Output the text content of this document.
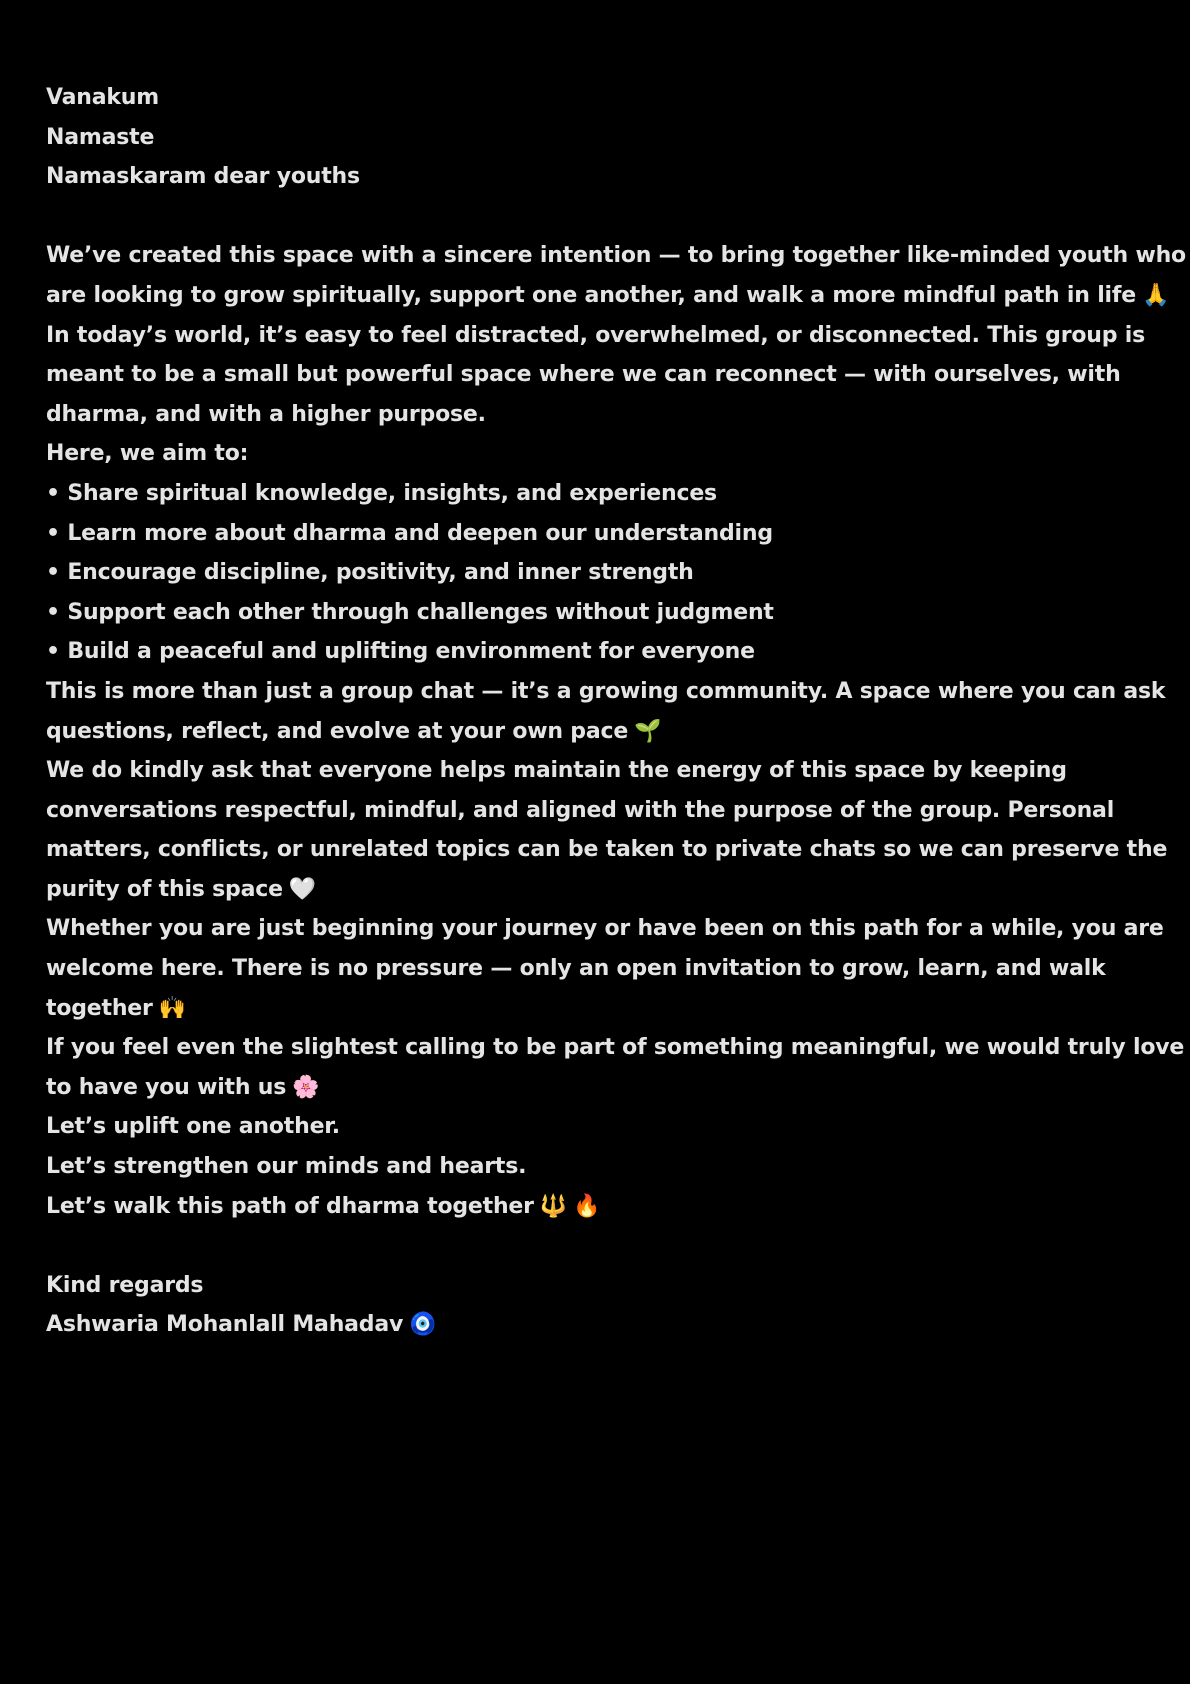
Vanakum
Namaste
Namaskaram dear youths
We’ve created this space with a sincere intention — to bring together like-minded youth who
are looking to grow spiritually, support one another, and walk a more mindful path in life 🙏
In today’s world, it’s easy to feel distracted, overwhelmed, or disconnected. This group is
meant to be a small but powerful space where we can reconnect — with ourselves, with
dharma, and with a higher purpose.
Here, we aim to:
• Share spiritual knowledge, insights, and experiences
• Learn more about dharma and deepen our understanding
• Encourage discipline, positivity, and inner strength
• Support each other through challenges without judgment
• Build a peaceful and uplifting environment for everyone
This is more than just a group chat — it’s a growing community. A space where you can ask
questions, reflect, and evolve at your own pace 🌱
We do kindly ask that everyone helps maintain the energy of this space by keeping
conversations respectful, mindful, and aligned with the purpose of the group. Personal
matters, conflicts, or unrelated topics can be taken to private chats so we can preserve the
purity of this space 🤍
Whether you are just beginning your journey or have been on this path for a while, you are
welcome here. There is no pressure — only an open invitation to grow, learn, and walk
together 🙌
If you feel even the slightest calling to be part of something meaningful, we would truly love
to have you with us 🌸
Let’s uplift one another.
Let’s strengthen our minds and hearts.
Let’s walk this path of dharma together 🔱 🔥
Kind regards
Ashwaria Mohanlall Mahadav 🧿
